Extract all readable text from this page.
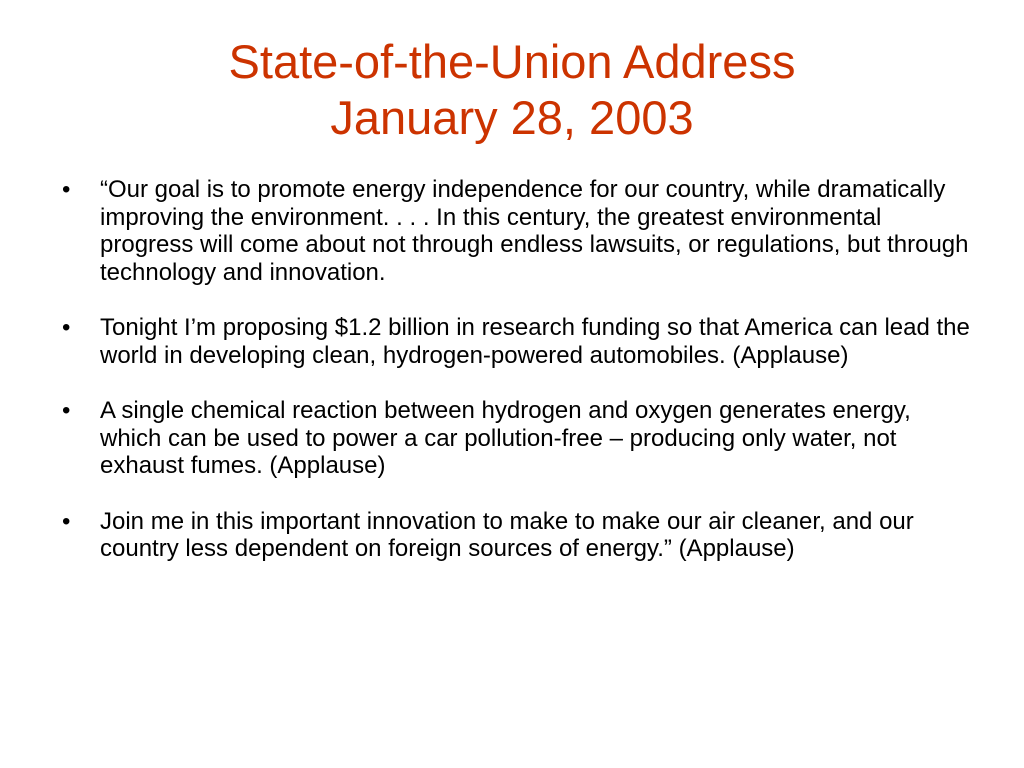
State-of-the-Union Address
January 28, 2003
•	“Our goal is to promote energy independence for our country, while dramatically improving the environment. . . . In this century, the greatest environmental progress will come about not through endless lawsuits, or regulations, but through technology and innovation.
•	Tonight I’m proposing $1.2 billion in research funding so that America can lead the world in developing clean, hydrogen-powered automobiles. (Applause)
•	A single chemical reaction between hydrogen and oxygen generates energy, which can be used to power a car pollution-free – producing only water, not exhaust fumes. (Applause)
•	Join me in this important innovation to make to make our air cleaner, and our country less dependent on foreign sources of energy.” (Applause)
